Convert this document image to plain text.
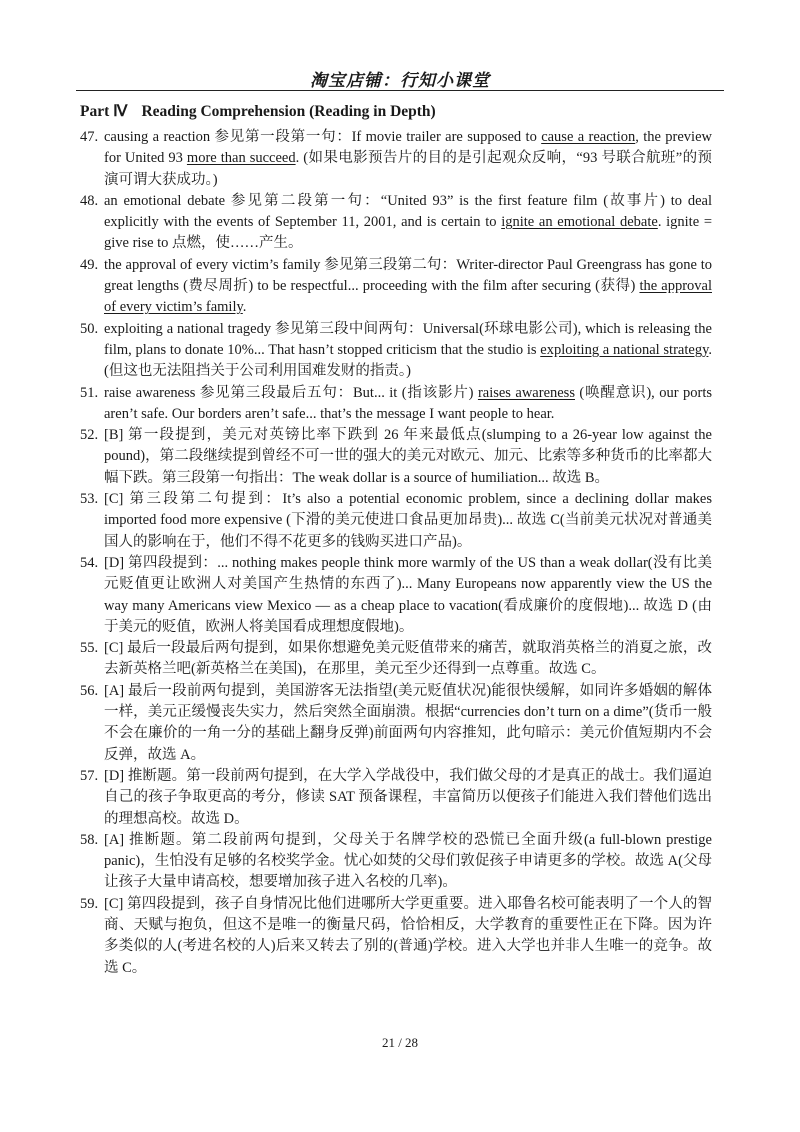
淘宝店铺：行知小课堂
Part Ⅳ Reading Comprehension (Reading in Depth)
47. causing a reaction 参见第一段第一句：If movie trailer are supposed to cause a reaction, the preview for United 93 more than succeed. (如果电影预告片的目的是引起观众反响，“93 号联合航班”的预演可谓大获成功。)
48. an emotional debate 参见第二段第一句：“United 93” is the first feature film (故事片) to deal explicitly with the events of September 11, 2001, and is certain to ignite an emotional debate. ignite = give rise to 点燃，使……产生。
49. the approval of every victim’s family 参见第三段第二句：Writer-director Paul Greengrass has gone to great lengths (费尽周折) to be respectful... proceeding with the film after securing (获得) the approval of every victim’s family.
50. exploiting a national tragedy 参见第三段中间两句：Universal(环球电影公司), which is releasing the film, plans to donate 10%... That hasn’t stopped criticism that the studio is exploiting a national strategy. (但这也无法阻挡关于公司利用国难发财的指责。)
51. raise awareness 参见第三段最后五句：But... it (指该影片) raises awareness (唤醒意识), our ports aren’t safe. Our borders aren’t safe... that’s the message I want people to hear.
52. [B] 第一段提到，美元对英镑比率下跌到 26 年来最低点(slumping to a 26-year low against the pound)，第二段继续提到曾经不可一世的强大的美元对欧元、加元、比索等多种货币的比率都大幅下跌。第三段第一句指出：The weak dollar is a source of humiliation... 故选 B。
53. [C] 第三段第二句提到：It’s also a potential economic problem, since a declining dollar makes imported food more expensive (下滑的美元使进口食品更加昂贵)... 故选 C(当前美元状况对普通美国人的影响在于，他们不得不花更多的钱购买进口产品)。
54. [D] 第四段提到：... nothing makes people think more warmly of the US than a weak dollar(没有比美元贬值更让欧洲人对美国产生热情的东西了)... Many Europeans now apparently view the US the way many Americans view Mexico — as a cheap place to vacation(看成廉价的度假地)... 故选 D (由于美元的贬值，欧洲人将美国看成理想度假地)。
55. [C] 最后一段最后两句提到，如果你想避免美元贬值带来的痛苦，就取消英格兰的消夏之旅，改去新英格兰吧(新英格兰在美国)，在那里，美元至少还得到一点尊重。故选 C。
56. [A] 最后一段前两句提到，美国游客无法指望(美元贬值状况)能很快缓解，如同许多婚姻的解体一样，美元正缓慢丧失实力，然后突然全面崩溃。根据“currencies don’t turn on a dime”(货币一般不会在廉价的一角一分的基础上翻身反弹)前面两句内容推知，此句暗示：美元价值短期内不会反弹，故选 A。
57. [D] 推断题。第一段前两句提到，在大学入学战役中，我们做父母的才是真正的战士。我们逼迫自己的孩子争取更高的考分，修读 SAT 预备课程，丰富简历以便孩子们能进入我们替他们选出的理想高校。故选 D。
58. [A] 推断题。第二段前两句提到，父母关于名牌学校的恐慌已全面升级(a full-blown prestige panic)，生怕没有足够的名校奖学金。忧心如焚的父母们敦促孩子申请更多的学校。故选 A(父母让孩子大量申请高校，想要增加孩子进入名校的几率)。
59. [C] 第四段提到，孩子自身情况比他们进哪所大学更重要。进入耶鲁名校可能表明了一个人的智商、天赋与抱负，但这不是唯一的衡量尺码，恰恰相反，大学教育的重要性正在下降。因为许多类似的人(考进名校的人)后来又转去了别的(普通)学校。进入大学也并非人生唯一的竞争。故选 C。
21 / 28
